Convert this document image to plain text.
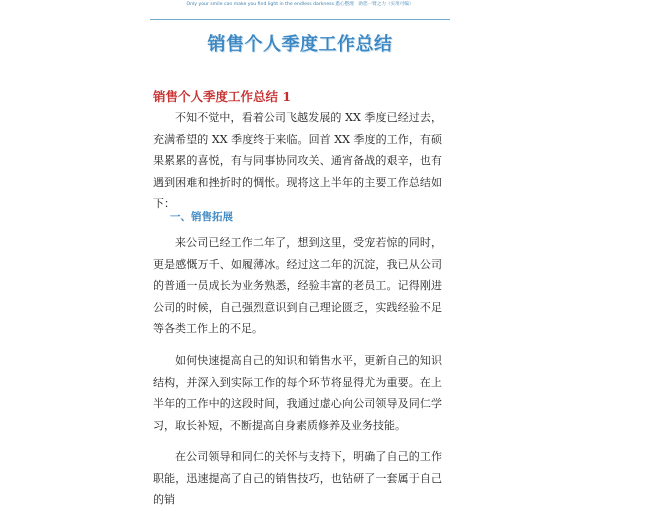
Only your smile can make you find light in the endless darkness.悉心整理　助您一臂之力（实用可编）
销售个人季度工作总结
销售个人季度工作总结 1

不知不觉中，看着公司飞越发展的 XX 季度已经过去，充满希望的 XX 季度终于来临。回首 XX 季度的工作，有硕果累累的喜悦，有与同事协同攻关、通宵备战的艰辛，也有遇到困难和挫折时的惆怅。现将这上半年的主要工作总结如下：

一、销售拓展

来公司已经工作二年了，想到这里，受宠若惊的同时，更是感慨万千、如履薄冰。经过这二年的沉淀，我已从公司的普通一员成长为业务熟悉，经验丰富的老员工。记得刚进公司的时候，自己强烈意识到自己理论匮乏，实践经验不足等各类工作上的不足。

如何快速提高自己的知识和销售水平，更新自己的知识结构，并深入到实际工作的每个环节将显得尤为重要。在上半年的工作中的这段时间，我通过虚心向公司领导及同仁学习，取长补短，不断提高自身素质修养及业务技能。

在公司领导和同仁的关怀与支持下，明确了自己的工作职能，迅速提高了自己的销售技巧，也钻研了一套属于自己的销
